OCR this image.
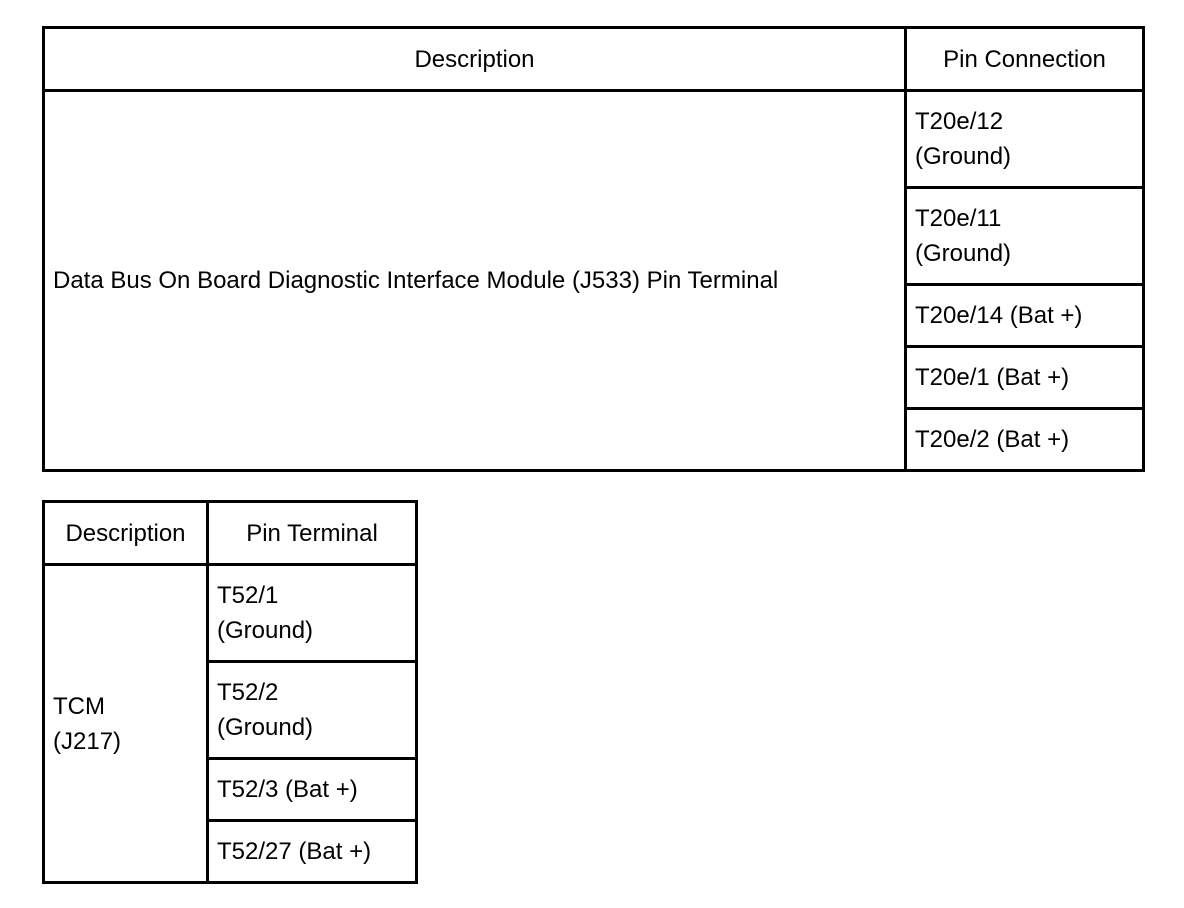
Description	Pin Connection
Data Bus On Board Diagnostic Interface Module (J533) Pin Terminal	T20e/12
(Ground)

	T20e/11
(Ground)

	T20e/14 (Bat +)
	T20e/1 (Bat +)
	T20e/2 (Bat +)
Description	Pin Terminal

TCM
(J217)	T52/1
(Ground)

	T52/2
(Ground)

	T52/3 (Bat +)
	T52/27 (Bat +)
